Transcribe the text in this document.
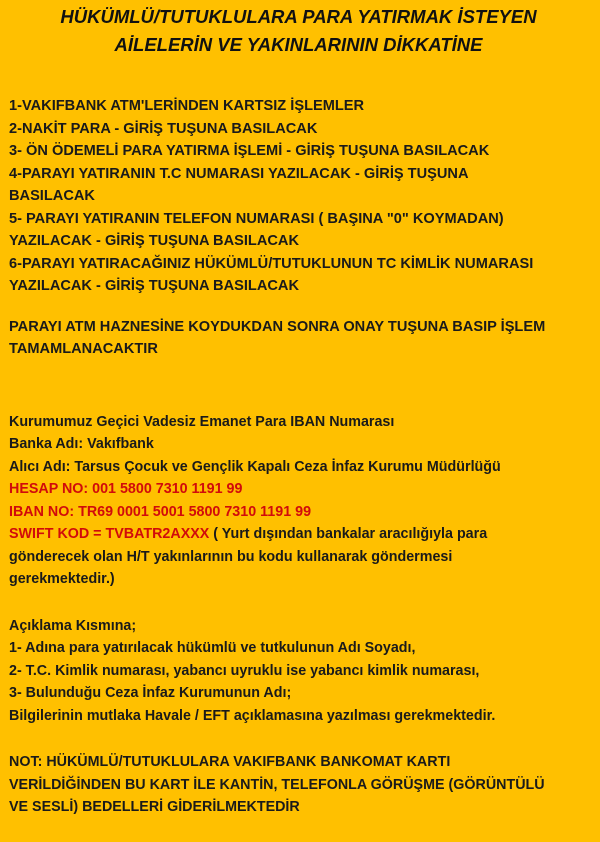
HÜKÜMLÜ/TUTUKLULARA PARA YATIRMAK İSTEYEN
AİLELERİN VE YAKINLARININ DİKKATİNE
1-VAKIFBANK ATM'LERİNDEN KARTSIZ İŞLEMLER
2-NAKİT PARA - GİRİŞ TUŞUNA BASILACAK
3- ÖN ÖDEMELİ PARA YATIRMA İŞLEMİ - GİRİŞ TUŞUNA BASILACAK
4-PARAYI YATIRANIN T.C NUMARASI YAZILACAK - GİRİŞ TUŞUNA
BASILACAK
5- PARAYI YATIRANIN TELEFON NUMARASI ( BAŞINA "0" KOYMADAN)
YAZILACAK - GİRİŞ TUŞUNA BASILACAK
6-PARAYI YATIRACAĞINIZ HÜKÜMLÜ/TUTUKLUNUN TC KİMLİK NUMARASI
YAZILACAK - GİRİŞ TUŞUNA BASILACAK
PARAYI ATM HAZNESİNE KOYDUKDAN SONRA ONAY TUŞUNA BASIP İŞLEM
TAMAMLANACAKTIR
Kurumumuz Geçici Vadesiz Emanet Para IBAN Numarası
Banka Adı: Vakıfbank
Alıcı Adı: Tarsus Çocuk ve Gençlik Kapalı Ceza İnfaz Kurumu Müdürlüğü
HESAP NO: 001 5800 7310 1191 99
IBAN NO: TR69 0001 5001 5800 7310 1191 99
SWIFT KOD = TVBATR2AXXX ( Yurt dışından bankalar aracılığıyla para
gönderecek olan H/T yakınlarının bu kodu kullanarak göndermesi
gerekmektedir.)
Açıklama Kısmına;
1- Adına para yatırılacak hükümlü ve tutkulunun Adı Soyadı,
2- T.C. Kimlik numarası, yabancı uyruklu ise yabancı kimlik numarası,
3- Bulunduğu Ceza İnfaz Kurumunun Adı;
Bilgilerinin mutlaka Havale / EFT açıklamasına yazılması gerekmektedir.
NOT: HÜKÜMLÜ/TUTUKLULARA VAKIFBANK BANKOMAT KARTI
VERİLDİĞİNDEN BU KART İLE KANTİN, TELEFONLA GÖRÜŞME (GÖRÜNTÜLÜ
VE SESLİ) BEDELLERİ GİDERİLMEKTEDİR
